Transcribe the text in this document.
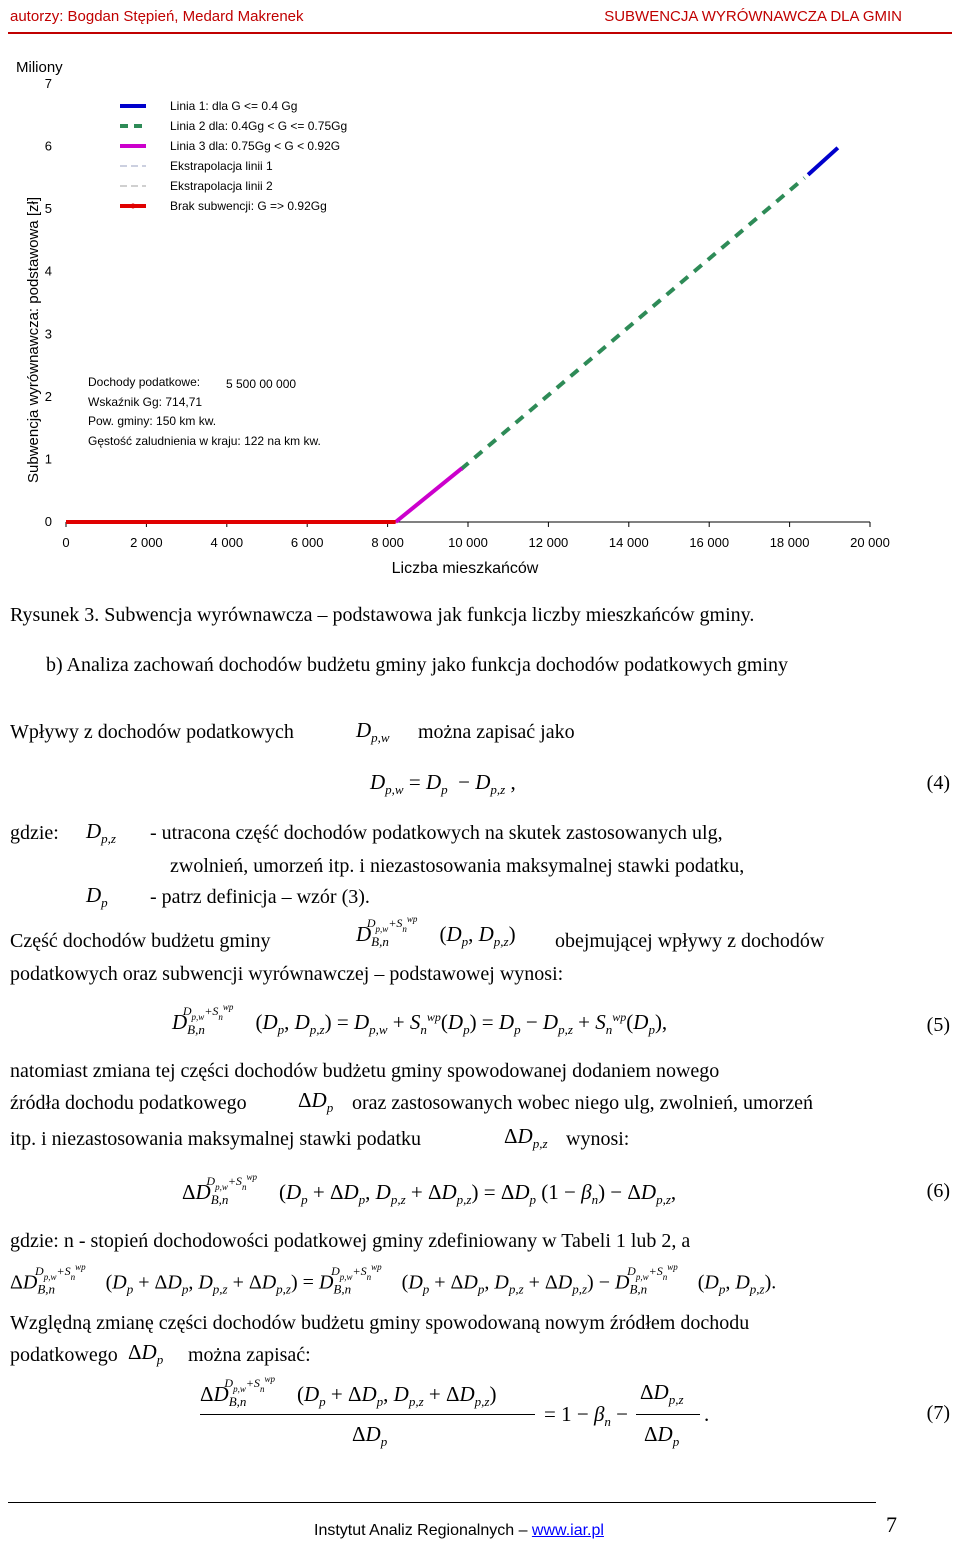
autorzy: Bogdan Stępień, Medard Makrenek	SUBWENCJA WYRÓWNAWCZA DLA GMIN
Miliony
Subwencja wyrównawcza: podstawowa [zł]
Liczba mieszkańców
0	2 000	4 000	6 000	8 000	10 000	12 000	14 000	16 000	18 000	20 000
0
1
2
3
4
5
6
7
Linia 1: dla G <= 0.4 Gg
Linia 2 dla: 0.4Gg < G <= 0.75Gg
Linia 3 dla: 0.75Gg < G < 0.92G
Ekstrapolacja linii 1
Ekstrapolacja linii 2
Brak subwencji: G => 0.92Gg
Dochody podatkowe: 5 500 00 000
Wskaźnik Gg: 714,71
Pow. gminy: 150 km kw.
Gęstość zaludnienia w kraju: 122 na km kw.
Rysunek 3. Subwencja wyrównawcza – podstawowa jak funkcja liczby mieszkańców gminy.
b) Analiza zachowań dochodów budżetu gminy jako funkcja dochodów podatkowych gminy
Wpływy z dochodów podatkowych	$D_{p,w}$ można zapisać jako
$D_{p,w} = D_p - D_{p,z}$ ,	(4)
gdzie: $D_{p,z}$ - utracona część dochodów podatkowych na skutek zastosowanych ulg,
zwolnień, umorzeń itp. i niezastosowania maksymalnej stawki podatku,
$D_p$ - patrz definicja – wzór (3).
Część dochodów budżetu gminy	$D_{B,n}^{D_{p,w}+S_n^{wp}}(D_p$, $D_{p,z}$) obejmującej wpływy z dochodów
podatkowych oraz subwencji wyrównawczej – podstawowej wynosi:
$D_{B,n}^{D_{p,w}+S_n^{wp}}(D_p$, $D_{p,z}) = D_{p,w} + S_n^{wp}(D_p) = D_p - D_{p,z} + S_n^{wp}(D_p)$,	(5)
natomiast zmiana tej części dochodów budżetu gminy spowodowanej dodaniem nowego
źródła dochodu podatkowego $\Delta D_p$ oraz zastosowanych wobec niego ulg, zwolnień, umorzeń
itp. i niezastosowania maksymalnej stawki podatku	$\Delta D_{p,z}$ wynosi:
$\Delta D_{B,n}^{D_{p,w}+S_n^{wp}}(D_p + \Delta D_p$, $D_{p,z} + \Delta D_{p,z}) = \Delta D_p$ $(1 - \beta_n) - \Delta D_{p,z}$,	(6)
gdzie: n - stopień dochodowości podatkowej gminy zdefiniowany w Tabeli 1 lub 2, a
$\Delta D_{B,n}^{D_{p,w}+S_n^{wp}}(D_p + \Delta D_p$, $D_{p,z} + \Delta D_{p,z}) = D_{B,n}^{D_{p,w}+S_n^{wp}}(D_p + \Delta D_p$, $D_{p,z} + \Delta D_{p,z}) - D_{B,n}^{D_{p,w}+S_n^{wp}}(D_p$, $D_{p,z}$).
Względną zmianę części dochodów budżetu gminy spowodowaną nowym źródłem dochodu
podatkowego $\Delta D_p$ można zapisać:
$\Delta D_{B,n}^{D_{p,w}+S_n^{wp}}(D_p + \Delta D_p$, $D_{p,z} + \Delta D_{p,z}$)
$\Delta D_p$
= $1 - \beta_n$ −
$\Delta D_{p,z}$
$\Delta D_p$
.	(7)
Instytut Analiz Regionalnych – www.iar.pl	7
